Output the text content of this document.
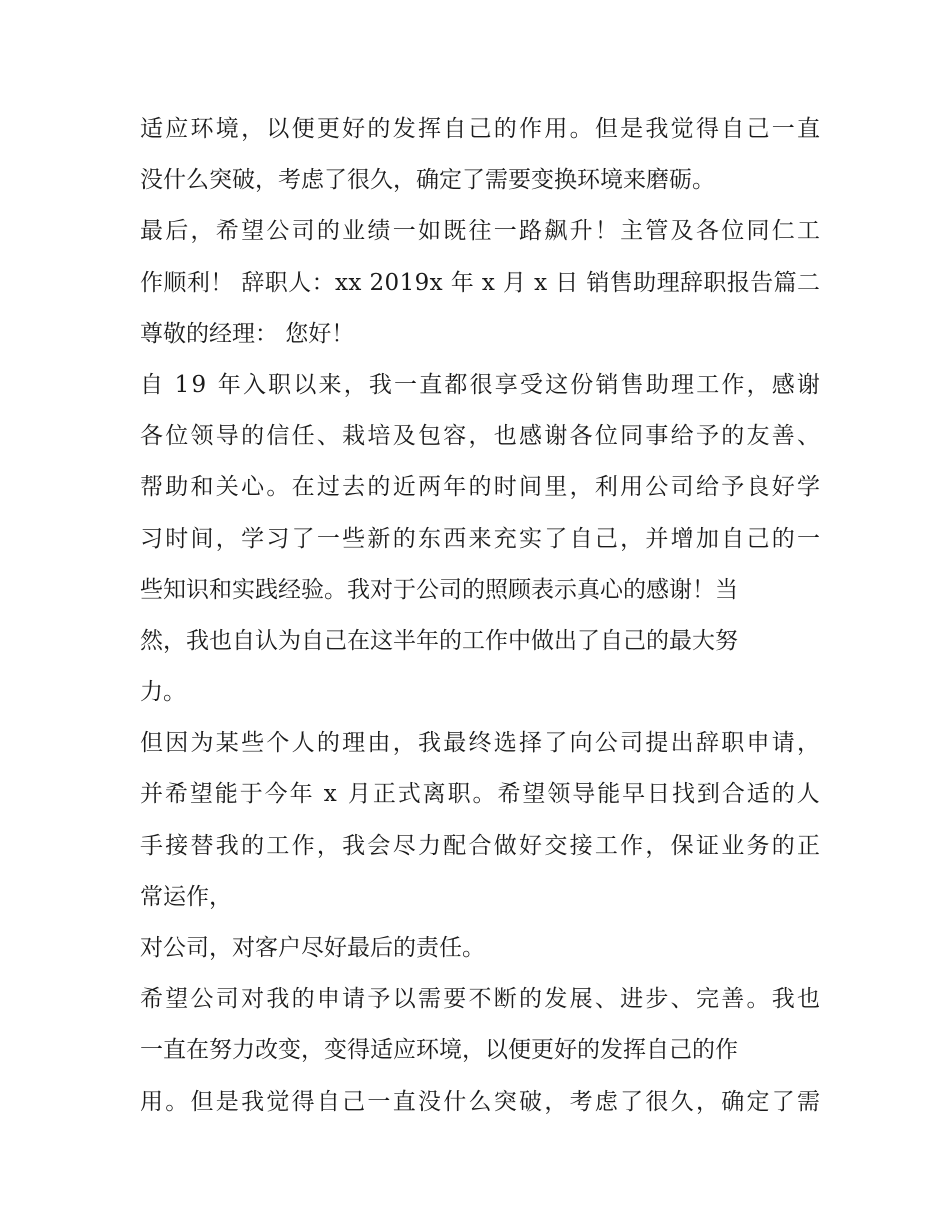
适应环境，以便更好的发挥自己的作用。但是我觉得自己一直
没什么突破，考虑了很久，确定了需要变换环境来磨砺。
最后，希望公司的业绩一如既往一路飙升！主管及各位同仁工
作顺利！ 辞职人：xx 2019x 年 x 月 x 日 销售助理辞职报告篇二
尊敬的经理： 您好！
自 19 年入职以来，我一直都很享受这份销售助理工作，感谢
各位领导的信任、栽培及包容，也感谢各位同事给予的友善、
帮助和关心。在过去的近两年的时间里，利用公司给予良好学
习时间，学习了一些新的东西来充实了自己，并增加自己的一
些知识和实践经验。我对于公司的照顾表示真心的感谢！当
然，我也自认为自己在这半年的工作中做出了自己的最大努
力。
但因为某些个人的理由，我最终选择了向公司提出辞职申请，
并希望能于今年 x 月正式离职。希望领导能早日找到合适的人
手接替我的工作，我会尽力配合做好交接工作，保证业务的正
常运作，
对公司，对客户尽好最后的责任。
希望公司对我的申请予以需要不断的发展、进步、完善。我也
一直在努力改变，变得适应环境，以便更好的发挥自己的作
用。但是我觉得自己一直没什么突破，考虑了很久，确定了需
